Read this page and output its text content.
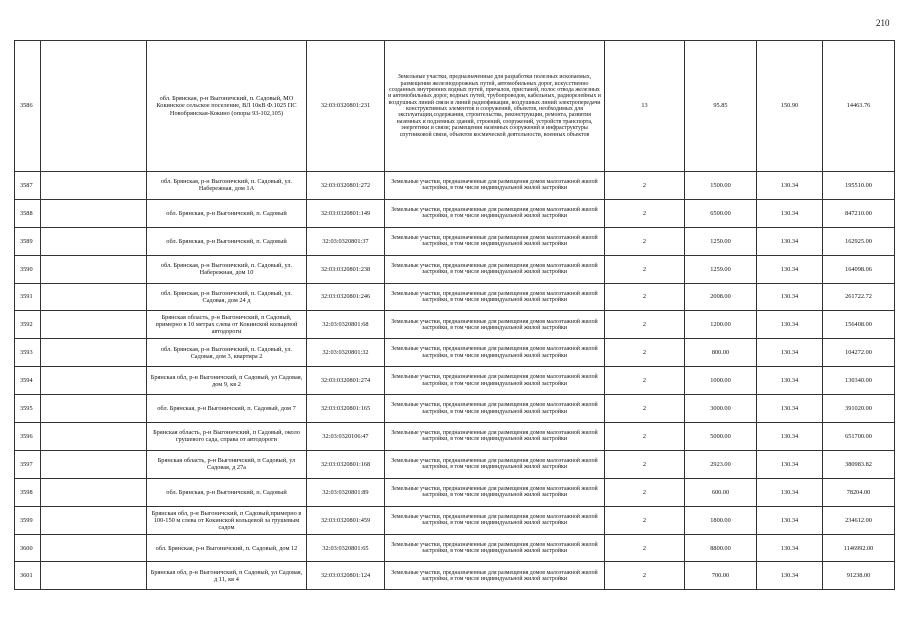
210
3586		обл. Брянская, р-н Выгоничский, п. Садовый, МО Кокинское сельское поселение, ВЛ 10кВ Ф.1025 ПС Новобрянская-Кокино (опоры 93-102,105)	32:03:0320801:231	Земельные участки, предназначенные для разработки полезных ископаемых, размещения железнодорожных путей, автомобильных дорог, искусственно созданных внутренних водных путей, причалов, пристаней, полос отвода железных и автомобильных дорог, водных путей, трубопроводов, кабельных, радиорелейных и воздушных линий связи и линий радиофикации, воздушных линий электропередачи конструктивных элементов и сооружений, объектов, необходимых для эксплуатации,содержания, строительства, реконструкции, ремонта, развития наземных и подземных зданий, строений, сооружений, устройств транспорта, энергетики и связи; размещения наземных сооружений и инфраструктуры спутниковой связи, объектов космической деятельности, военных объектов	13	95.85	150.90	14463.76
3587		обл. Брянская, р-н Выгоничский, п. Садовый, ул. Набережная, дом 1А	32:03:0320801:272	Земельные участки, предназначенные для размещения домов малоэтажной жилой застройки, в том числе индивидуальной жилой застройки	2	1500.00	130.34	195510.00
3588		обл. Брянская, р-н Выгоничский, п. Садовый	32:03:0320801:149	Земельные участки, предназначенные для размещения домов малоэтажной жилой застройки, в том числе индивидуальной жилой застройки	2	6500.00	130.34	847210.00
3589		обл. Брянская, р-н Выгоничский, п. Садовый	32:03:0320801:37	Земельные участки, предназначенные для размещения домов малоэтажной жилой застройки, в том числе индивидуальной жилой застройки	2	1250.00	130.34	162925.00
3590		обл. Брянская, р-н Выгоничский, п. Садовый, ул. Набережная, дом 10	32:03:0320801:238	Земельные участки, предназначенные для размещения домов малоэтажной жилой застройки, в том числе индивидуальной жилой застройки	2	1259.00	130.34	164098.06
3591		обл. Брянская, р-н Выгоничский, п. Садовый, ул. Садовая, дом 24 д	32:03:0320801:246	Земельные участки, предназначенные для размещения домов малоэтажной жилой застройки, в том числе индивидуальной жилой застройки	2	2008.00	130.34	261722.72
3592		Брянская область, р-н Выгоничский, п Садовый, примерно в 10 метрах слева от Кокинской кольцевой автодороги	32:03:0320801:68	Земельные участки, предназначенные для размещения домов малоэтажной жилой застройки, в том числе индивидуальной жилой застройки	2	1200.00	130.34	156408.00
3593		обл. Брянская, р-н Выгоничский, п. Садовый, ул. Садовая, дом 3, квартира 2	32:03:0320801:32	Земельные участки, предназначенные для размещения домов малоэтажной жилой застройки, в том числе индивидуальной жилой застройки	2	800.00	130.34	104272.00
3594		Брянская обл, р-н Выгоничский, п Садовый, ул Садовая, дом 9, кв 2	32:03:0320801:274	Земельные участки, предназначенные для размещения домов малоэтажной жилой застройки, в том числе индивидуальной жилой застройки	2	1000.00	130.34	130340.00
3595		обл. Брянская, р-н Выгоничский, п. Садовый, дом 7	32:03:0320801:165	Земельные участки, предназначенные для размещения домов малоэтажной жилой застройки, в том числе индивидуальной жилой застройки	2	3000.00	130.34	391020.00
3596		Брянская область, р-н Выгоничский, п Садовый, около грушевого сада, справа от автодороги	32:03:0320106:47	Земельные участки, предназначенные для размещения домов малоэтажной жилой застройки, в том числе индивидуальной жилой застройки	2	5000.00	130.34	651700.00
3597		Брянская область, р-н Выгоничский, п Садовый, ул Садовая, д 27а	32:03:0320801:168	Земельные участки, предназначенные для размещения домов малоэтажной жилой застройки, в том числе индивидуальной жилой застройки	2	2923.00	130.34	380983.82
3598		обл. Брянская, р-н Выгоничский, п. Садовый	32:03:0320801:89	Земельные участки, предназначенные для размещения домов малоэтажной жилой застройки, в том числе индивидуальной жилой застройки	2	600.00	130.34	78204.00
3599		Брянская обл, р-н Выгоничский, п Садовый,примерно в 100-150 м слева от Кокинской кольцевой за грушевым садом	32:03:0320801:459	Земельные участки, предназначенные для размещения домов малоэтажной жилой застройки, в том числе индивидуальной жилой застройки	2	1800.00	130.34	234612.00
3600		обл. Брянская, р-н Выгоничский, п. Садовый, дом 12	32:03:0320801:65	Земельные участки, предназначенные для размещения домов малоэтажной жилой застройки, в том числе индивидуальной жилой застройки	2	8800.00	130.34	1146992.00
3601		Брянская обл, р-н Выгоничский, п Садовый, ул Садовая, д 11, кв 4	32:03:0320801:124	Земельные участки, предназначенные для размещения домов малоэтажной жилой застройки, в том числе индивидуальной жилой застройки	2	700.00	130.34	91238.00
